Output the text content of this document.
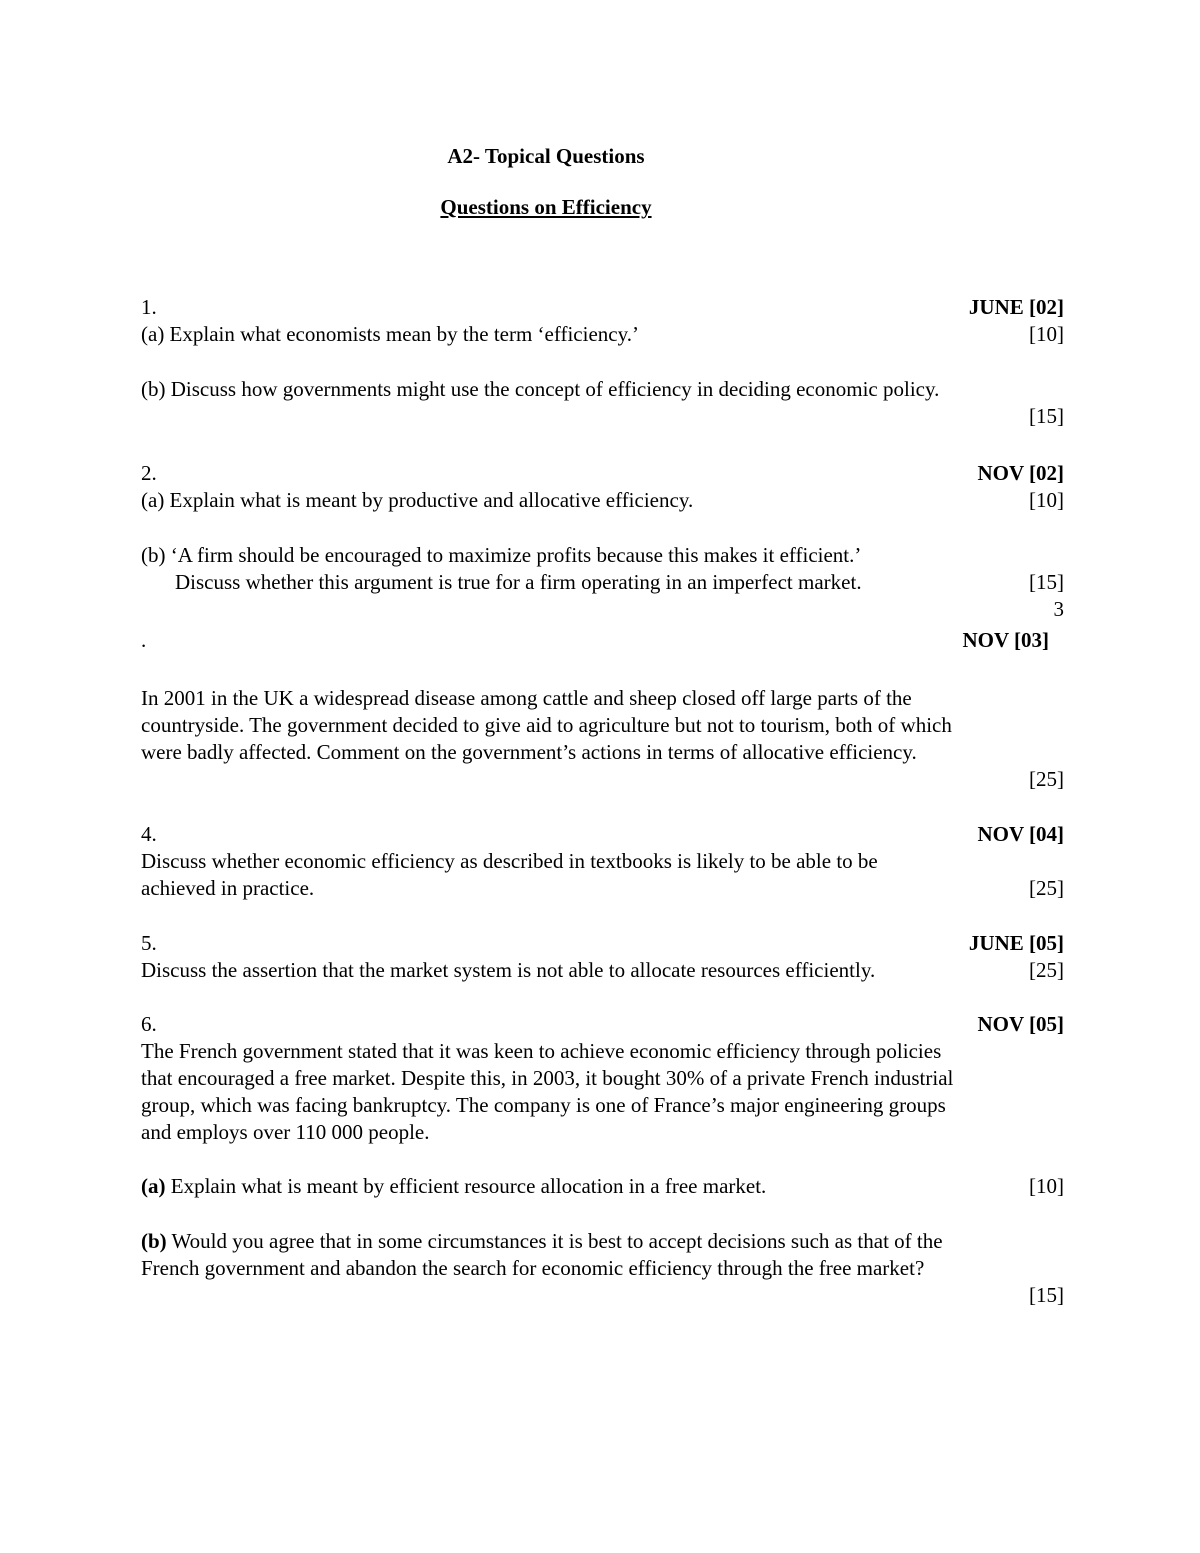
A2- Topical Questions
Questions on Efficiency
1.	JUNE [02]
(a) Explain what economists mean by the term ‘efficiency.’	[10]
(b) Discuss how governments might use the concept of efficiency in deciding economic policy.
[15]
2.	NOV [02]
(a) Explain what is meant by productive and allocative efficiency.	[10]
(b) ‘A firm should be encouraged to maximize profits because this makes it efficient.’
Discuss whether this argument is true for a firm operating in an imperfect market.	[15]
3
.	NOV [03]
In 2001 in the UK a widespread disease among cattle and sheep closed off large parts of the
countryside. The government decided to give aid to agriculture but not to tourism, both of which
were badly affected. Comment on the government’s actions in terms of allocative efficiency.
[25]
4.	NOV [04]
Discuss whether economic efficiency as described in textbooks is likely to be able to be
achieved in practice.	[25]
5.	JUNE [05]
Discuss the assertion that the market system is not able to allocate resources efficiently.	[25]
6.	NOV [05]
The French government stated that it was keen to achieve economic efficiency through policies
that encouraged a free market. Despite this, in 2003, it bought 30% of a private French industrial
group, which was facing bankruptcy. The company is one of France’s major engineering groups
and employs over 110 000 people.
(a) Explain what is meant by efficient resource allocation in a free market.	[10]
(b) Would you agree that in some circumstances it is best to accept decisions such as that of the
French government and abandon the search for economic efficiency through the free market?
[15]
